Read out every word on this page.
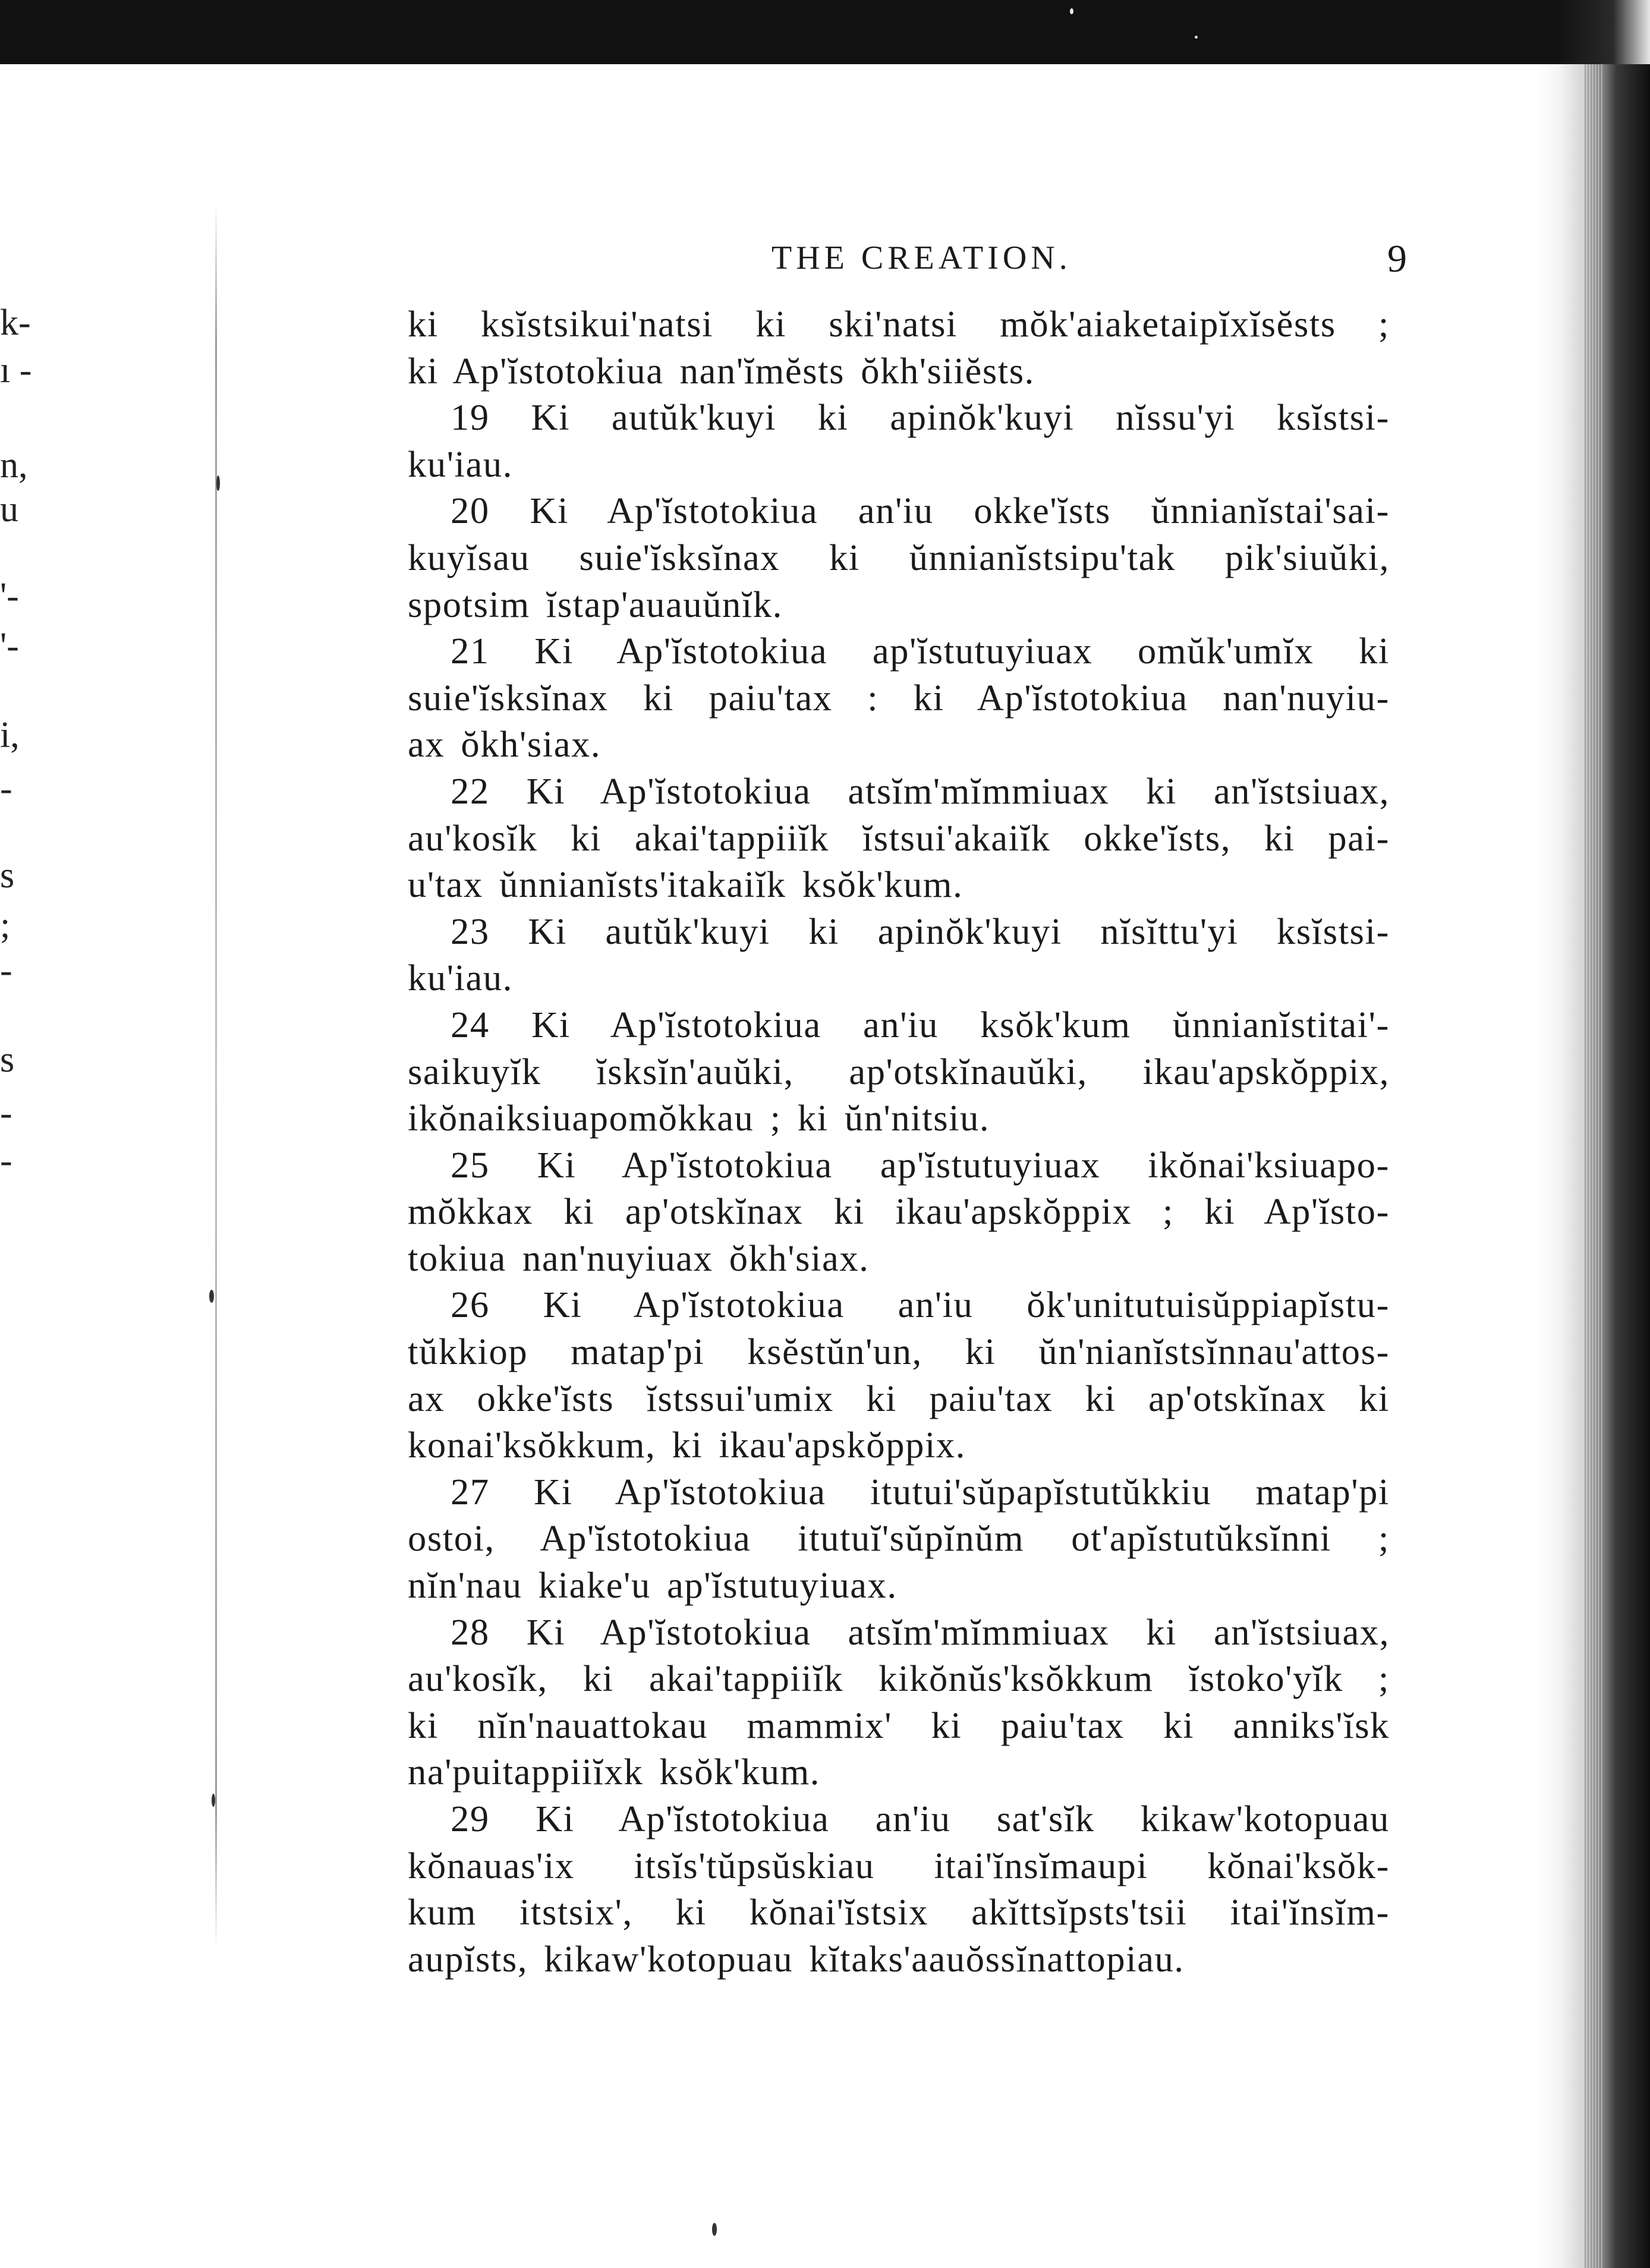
k-
ı -
n,
u
'-
'-
i,
-
s
;
-
s
-
-
THE CREATION.	9
ki ksĭstsikui'natsi ki ski'natsi mŏk'aiaketaipĭxĭsĕsts ;
ki Ap'ĭstotokiua nan'ĭmĕsts ŏkh'siiĕsts.
19 Ki autŭk'kuyi ki apinŏk'kuyi nĭssu'yi ksĭstsi-
ku'iau.
20 Ki Ap'ĭstotokiua an'iu okke'ĭsts ŭnnianĭstai'sai-
kuyĭsau suie'ĭsksĭnax ki ŭnnianĭstsipu'tak pik'siuŭki,
spotsim ĭstap'auauŭnĭk.
21 Ki Ap'ĭstotokiua ap'ĭstutuyiuax omŭk'umĭx ki
suie'ĭsksĭnax ki paiu'tax : ki Ap'ĭstotokiua nan'nuyiu-
ax ŏkh'siax.
22 Ki Ap'ĭstotokiua atsĭm'mĭmmiuax ki an'ĭstsiuax,
au'kosĭk ki akai'tappiiĭk ĭstsui'akaiĭk okke'ĭsts, ki pai-
u'tax ŭnnianĭsts'itakaiĭk ksŏk'kum.
23 Ki autŭk'kuyi ki apinŏk'kuyi nĭsĭttu'yi ksĭstsi-
ku'iau.
24 Ki Ap'ĭstotokiua an'iu ksŏk'kum ŭnnianĭstitai'-
saikuyĭk ĭsksĭn'auŭki, ap'otskĭnauŭki, ikau'apskŏppix,
ikŏnaiksiuapomŏkkau ; ki ŭn'nitsiu.
25 Ki Ap'ĭstotokiua ap'ĭstutuyiuax ikŏnai'ksiuapo-
mŏkkax ki ap'otskĭnax ki ikau'apskŏppix ; ki Ap'ĭsto-
tokiua nan'nuyiuax ŏkh'siax.
26 Ki Ap'ĭstotokiua an'iu ŏk'unitutuisŭppiapĭstu-
tŭkkiop matap'pi ksĕstŭn'un, ki ŭn'nianĭstsĭnnau'attos-
ax okke'ĭsts ĭstssui'umix ki paiu'tax ki ap'otskĭnax ki
konai'ksŏkkum, ki ikau'apskŏppix.
27 Ki Ap'ĭstotokiua itutui'sŭpapĭstutŭkkiu matap'pi
ostoi, Ap'ĭstotokiua itutuĭ'sŭpĭnŭm ot'apĭstutŭksĭnni ;
nĭn'nau kiake'u ap'ĭstutuyiuax.
28 Ki Ap'ĭstotokiua atsĭm'mĭmmiuax ki an'ĭstsiuax,
au'kosĭk, ki akai'tappiiĭk kikŏnŭs'ksŏkkum ĭstoko'yĭk ;
ki nĭn'nauattokau mammix' ki paiu'tax ki anniks'ĭsk
na'puitappiiĭxk ksŏk'kum.
29 Ki Ap'ĭstotokiua an'iu sat'sĭk kikaw'kotopuau
kŏnauas'ix itsĭs'tŭpsŭskiau itai'ĭnsĭmaupi kŏnai'ksŏk-
kum itstsix', ki kŏnai'ĭstsix akĭttsĭpsts'tsii itai'ĭnsĭm-
aupĭsts, kikaw'kotopuau kĭtaks'aauŏssĭnattopiau.
